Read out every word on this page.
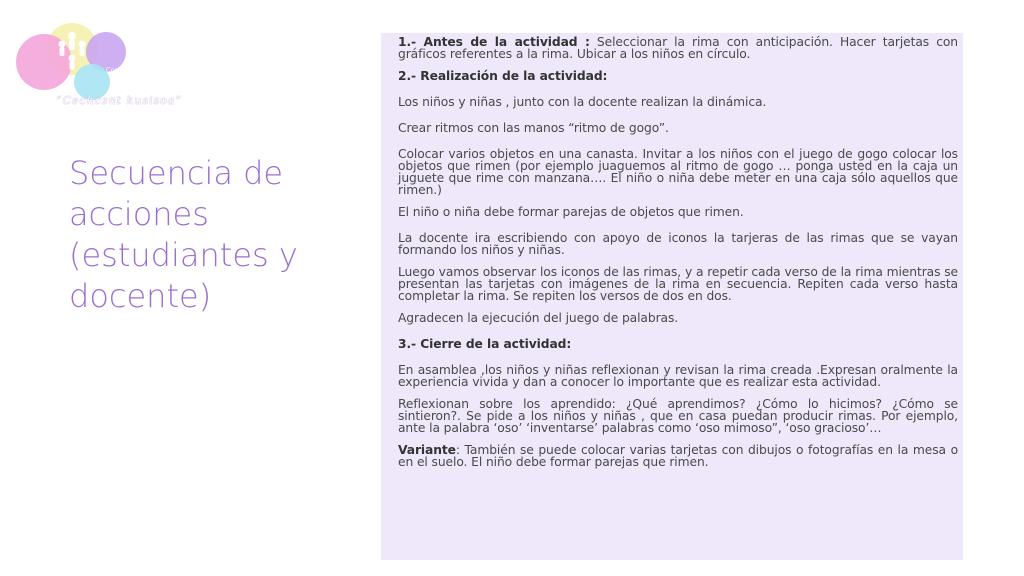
Comunidad Educativa
“Cechcsnt kusisoa”
Secuencia de acciones (estudiantes y docente)

1.- Antes de la actividad : Seleccionar la rima con anticipación. Hacer tarjetas con gráficos referentes a la rima. Ubicar a los niños en círculo.

2.- Realización de la actividad:

Los niños y niñas , junto con la docente realizan la dinámica.

Crear ritmos con las manos “ritmo de gogo”.

Colocar varios objetos en una canasta. Invitar a los niños con el juego de gogo colocar los objetos que rimen (por ejemplo juaguemos al ritmo de gogo … ponga usted en la caja un juguete que rime con manzana…. El niño o niña debe meter en una caja sólo aquellos que rimen.)

El niño o niña debe formar parejas de objetos que rimen.

La docente ira escribiendo con apoyo de iconos la tarjeras de las rimas que se vayan formando los niños y niñas.

Luego vamos observar los iconos de las rimas, y a repetir cada verso de la rima mientras se presentan las tarjetas con imágenes de la rima en secuencia. Repiten cada verso hasta completar la rima. Se repiten los versos de dos en dos.

Agradecen la ejecución del juego de palabras.

3.- Cierre de la actividad:

En asamblea ,los niños y niñas reflexionan y revisan la rima creada .Expresan oralmente la experiencia vivida y dan a conocer lo importante que es realizar esta actividad.

Reflexionan sobre los aprendido: ¿Qué aprendimos? ¿Cómo lo hicimos? ¿Cómo se sintieron?. Se pide a los niños y niñas , que en casa puedan producir rimas. Por ejemplo, ante la palabra ‘oso’ ‘inventarse’ palabras como ‘oso mimoso”, ‘oso gracioso’…

Variante: También se puede colocar varias tarjetas con dibujos o fotografías en la mesa o en el suelo. El niño debe formar parejas que rimen.
